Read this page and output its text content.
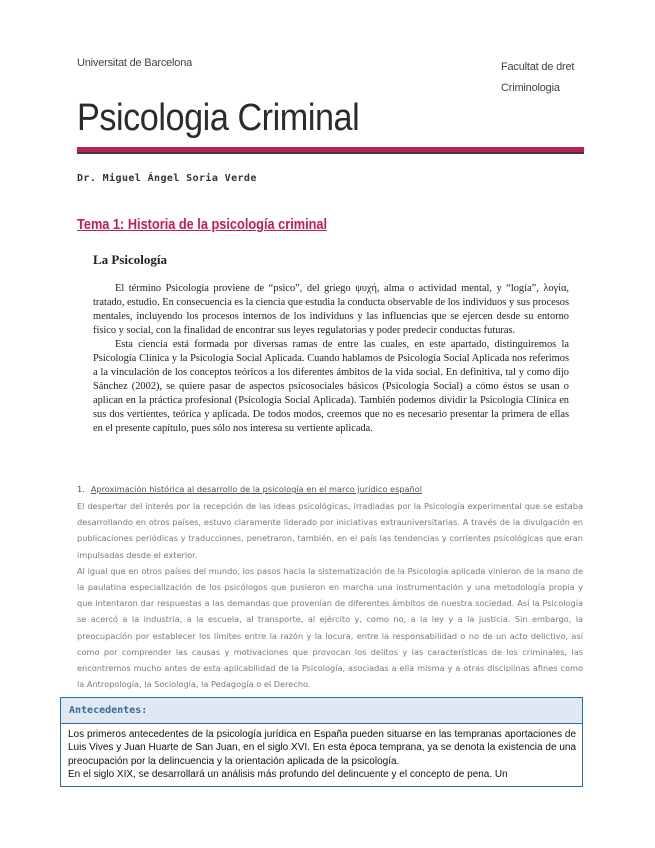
Universitat de Barcelona	Facultat de dret
Criminologia
Psicologia Criminal
Dr. Miguel Ángel Soria Verde
Tema 1: Historia de la psicología criminal
La Psicología

El término Psicología proviene de “psico”, del griego ψυχή, alma o actividad mental, y “logía”, λογία, tratado, estudio. En consecuencia es la ciencia que estudia la conducta observable de los individuos y sus procesos mentales, incluyendo los procesos internos de los individuos y las influencias que se ejercen desde su entorno físico y social, con la finalidad de encontrar sus leyes regulatorias y poder predecir conductas futuras.

Esta ciencia está formada por diversas ramas de entre las cuales, en este apartado, distinguiremos la Psicología Clínica y la Psicología Social Aplicada. Cuando hablamos de Psicología Social Aplicada nos referimos a la vinculación de los conceptos teóricos a los diferentes ámbitos de la vida social. En definitiva, tal y como dijo Sánchez (2002), se quiere pasar de aspectos psicosociales básicos (Psicología Social) a cómo éstos se usan o aplican en la práctica profesional (Psicología Social Aplicada). También podemos dividir la Psicología Clínica en sus dos vertientes, teórica y aplicada. De todos modos, creemos que no es necesario presentar la primera de ellas en el presente capítulo, pues sólo nos interesa su vertiente aplicada.

1. Aproximación histórica al desarrollo de la psicología en el marco jurídico español

El despertar del interés por la recepción de las ideas psicológicas, irradiadas por la Psicología experimental que se estaba desarrollando en otros países, estuvo claramente liderado por iniciativas extrauniversitarias. A través de la divulgación en publicaciones periódicas y traducciones, penetraron, también, en el país las tendencias y corrientes psicológicas que eran impulsadas desde el exterior.

Al igual que en otros países del mundo, los pasos hacia la sistematización de la Psicología aplicada vinieron de la mano de la paulatina especialización de los psicólogos que pusieron en marcha una instrumentación y una metodología propia y que intentaron dar respuestas a las demandas que provenían de diferentes ámbitos de nuestra sociedad. Así la Psicología se acercó a la industria, a la escuela, al transporte, al ejército y, como no, a la ley y a la justicia. Sin embargo, la preocupación por establecer los límites entre la razón y la locura, entre la responsabilidad o no de un acto delictivo, así como por comprender las causas y motivaciones que provocan los delitos y las características de los criminales, las encontremos mucho antes de esta aplicabilidad de la Psicología, asociadas a ella misma y a otras disciplinas afines como la Antropología, la Sociología, la Pedagogía o el Derecho.

Antecedentes:

Los primeros antecedentes de la psicología jurídica en España pueden situarse en las tempranas aportaciones de Luis Vives y Juan Huarte de San Juan, en el siglo XVI. En esta época temprana, ya se denota la existencia de una preocupación por la delincuencia y la orientación aplicada de la psicología.

En el siglo XIX, se desarrollará un análisis más profundo del delincuente y el concepto de pena. Un
